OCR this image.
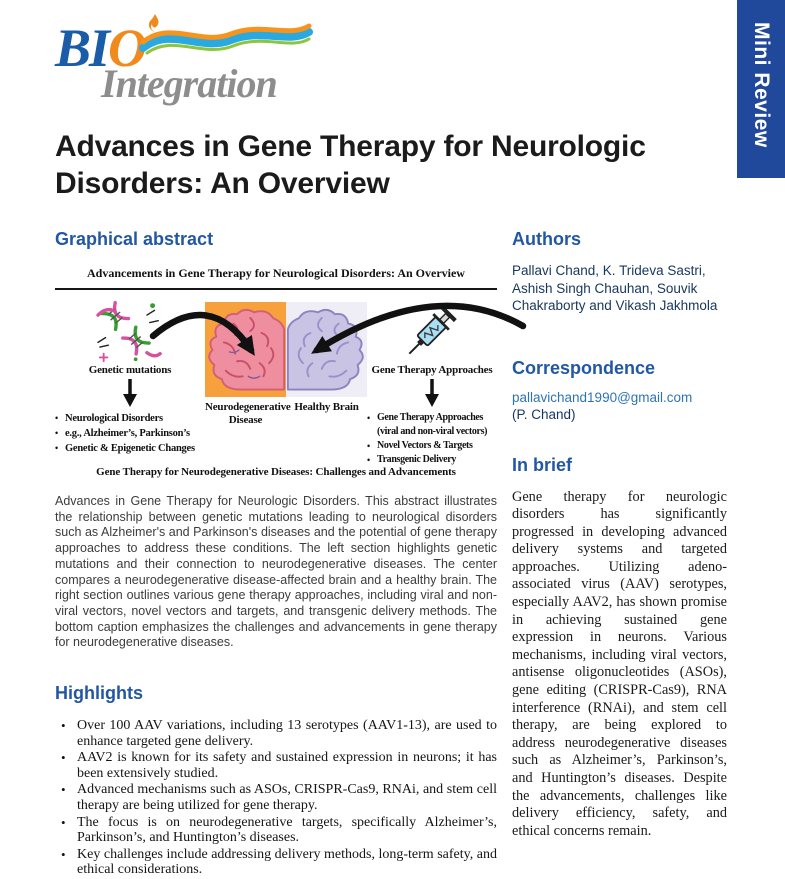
Mini Review
BIO
Integration
Advances in Gene Therapy for Neurologic Disorders: An Overview
Graphical abstract
Advancements in Gene Therapy for Neurological Disorders: An Overview
Genetic mutations
• Neurological Disorders
• e.g., Alzheimer’s, Parkinson’s
• Genetic & Epigenetic Changes
Neurodegenerative
Disease
Healthy Brain
Gene Therapy Approaches
• Gene Therapy Approaches (viral and non-viral vectors)
• Novel Vectors & Targets
• Transgenic Delivery
Gene Therapy for Neurodegenerative Diseases: Challenges and Advancements

Advances in Gene Therapy for Neurologic Disorders. This abstract illustrates the relationship between genetic mutations leading to neurological disorders such as Alzheimer's and Parkinson's diseases and the potential of gene therapy approaches to address these conditions. The left section highlights genetic mutations and their connection to neurodegenerative diseases. The center compares a neurodegenerative disease-affected brain and a healthy brain. The right section outlines various gene therapy approaches, including viral and non-viral vectors, novel vectors and targets, and transgenic delivery methods. The bottom caption emphasizes the challenges and advancements in gene therapy for neurodegenerative diseases.

Highlights
• Over 100 AAV variations, including 13 serotypes (AAV1-13), are used to enhance targeted gene delivery.
• AAV2 is known for its safety and sustained expression in neurons; it has been extensively studied.
• Advanced mechanisms such as ASOs, CRISPR-Cas9, RNAi, and stem cell therapy are being utilized for gene therapy.
• The focus is on neurodegenerative targets, specifically Alzheimer’s, Parkinson’s, and Huntington’s diseases.
• Key challenges include addressing delivery methods, long-term safety, and ethical considerations.
Authors

Pallavi Chand, K. Trideva Sastri, Ashish Singh Chauhan, Souvik Chakraborty and Vikash Jakhmola

Correspondence

pallavichand1990@gmail.com

(P. Chand)

In brief

Gene therapy for neurologic disorders has significantly progressed in developing advanced delivery systems and targeted approaches. Utilizing adeno-associated virus (AAV) serotypes, especially AAV2, has shown promise in achieving sustained gene expression in neurons. Various mechanisms, including viral vectors, antisense oligonucleotides (ASOs), gene editing (CRISPR-Cas9), RNA interference (RNAi), and stem cell therapy, are being explored to address neurodegenerative diseases such as Alzheimer’s, Parkinson’s, and Huntington’s diseases. Despite the advancements, challenges like delivery efficiency, safety, and ethical concerns remain.
